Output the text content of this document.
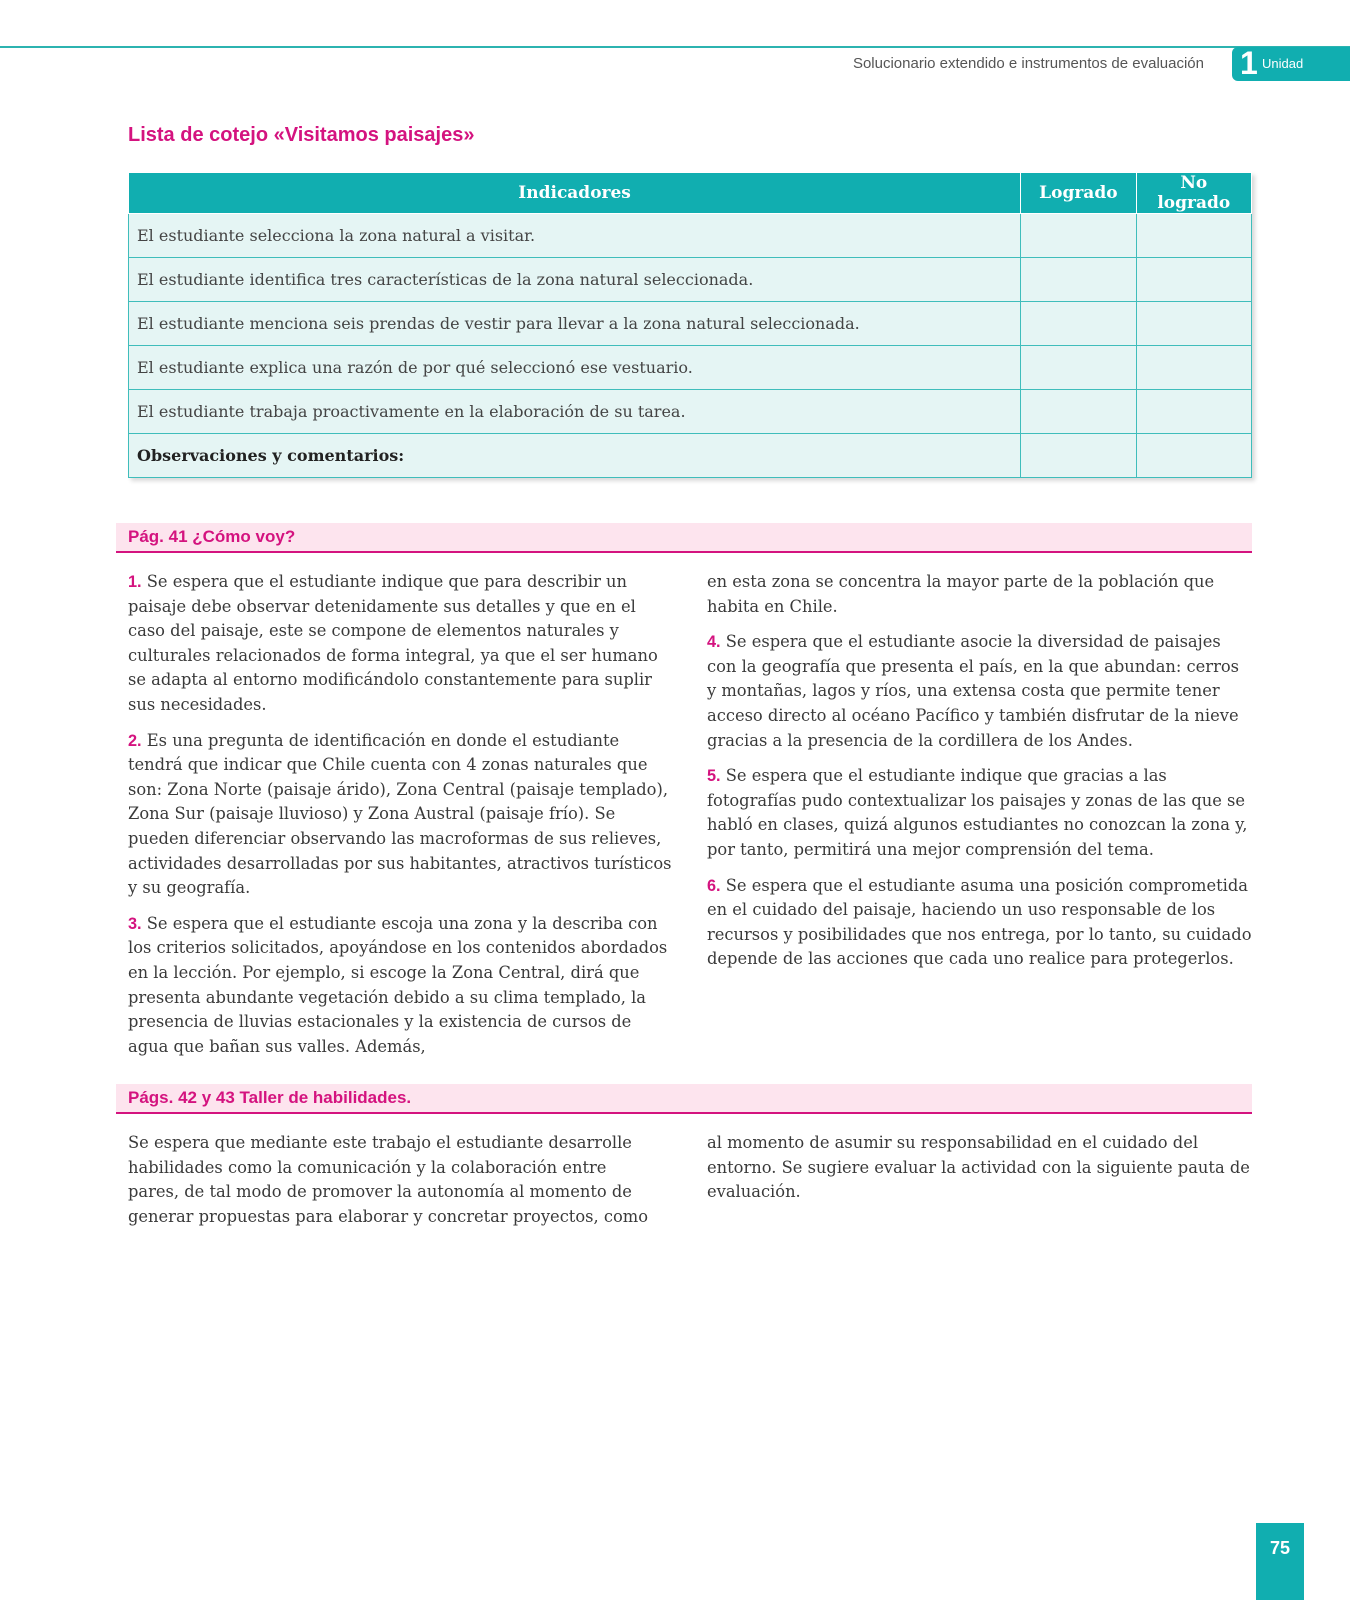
Solucionario extendido e instrumentos de evaluación 1 Unidad
Lista de cotejo «Visitamos paisajes»
Indicadores	Logrado	No logrado
El estudiante selecciona la zona natural a visitar.		
El estudiante identifica tres características de la zona natural seleccionada.		
El estudiante menciona seis prendas de vestir para llevar a la zona natural seleccionada.		
El estudiante explica una razón de por qué seleccionó ese vestuario.		
El estudiante trabaja proactivamente en la elaboración de su tarea.		
Observaciones y comentarios:		
Pág. 41 ¿Cómo voy?

1. Se espera que el estudiante indique que para describir un paisaje debe observar detenidamente sus detalles y que en el caso del paisaje, este se compone de elementos naturales y culturales relacionados de forma integral, ya que el ser humano se adapta al entorno modificándolo constantemente para suplir sus necesidades.

2. Es una pregunta de identificación en donde el estudiante tendrá que indicar que Chile cuenta con 4 zonas naturales que son: Zona Norte (paisaje árido), Zona Central (paisaje templado), Zona Sur (paisaje lluvioso) y Zona Austral (paisaje frío). Se pueden diferenciar observando las macroformas de sus relieves, actividades desarrolladas por sus habitantes, atractivos turísticos y su geografía.

3. Se espera que el estudiante escoja una zona y la describa con los criterios solicitados, apoyándose en los contenidos abordados en la lección. Por ejemplo, si escoge la Zona Central, dirá que presenta abundante vegetación debido a su clima templado, la presencia de lluvias estacionales y la existencia de cursos de agua que bañan sus valles. Además,

en esta zona se concentra la mayor parte de la población que habita en Chile.

4. Se espera que el estudiante asocie la diversidad de paisajes con la geografía que presenta el país, en la que abundan: cerros y montañas, lagos y ríos, una extensa costa que permite tener acceso directo al océano Pacífico y también disfrutar de la nieve gracias a la presencia de la cordillera de los Andes.

5. Se espera que el estudiante indique que gracias a las fotografías pudo contextualizar los paisajes y zonas de las que se habló en clases, quizá algunos estudiantes no conozcan la zona y, por tanto, permitirá una mejor comprensión del tema.

6. Se espera que el estudiante asuma una posición comprometida en el cuidado del paisaje, haciendo un uso responsable de los recursos y posibilidades que nos entrega, por lo tanto, su cuidado depende de las acciones que cada uno realice para protegerlos.

Págs. 42 y 43 Taller de habilidades.

Se espera que mediante este trabajo el estudiante desarrolle habilidades como la comunicación y la colaboración entre pares, de tal modo de promover la autonomía al momento de generar propuestas para elaborar y concretar proyectos, como

al momento de asumir su responsabilidad en el cuidado del entorno. Se sugiere evaluar la actividad con la siguiente pauta de evaluación.

75
